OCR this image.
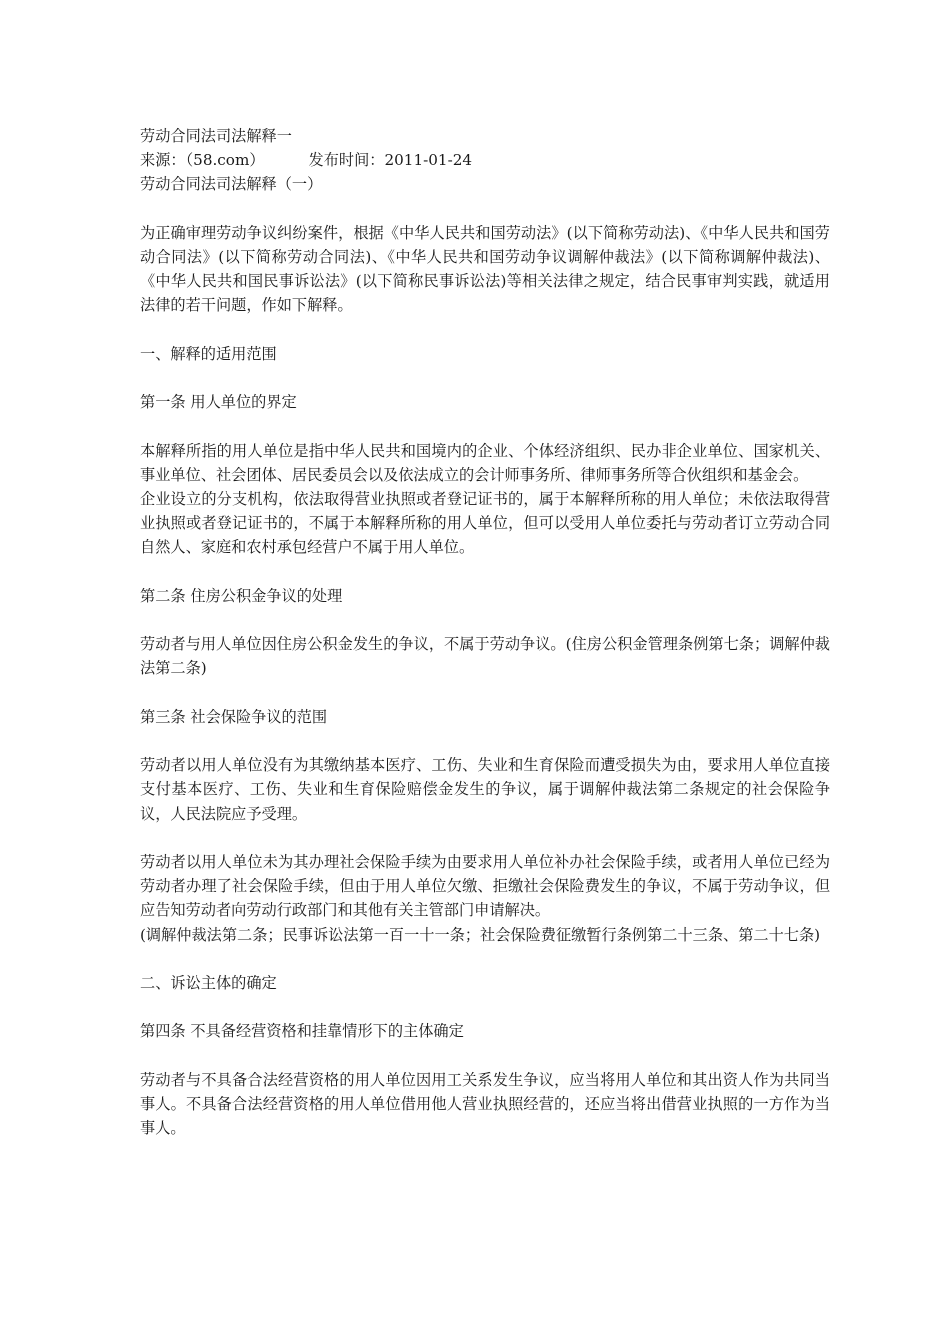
劳动合同法司法解释一
来源：（58.com）	发布时间：2011-01-24
劳动合同法司法解释（一）

为正确审理劳动争议纠纷案件，根据《中华人民共和国劳动法》(以下简称劳动法)、《中华人民共和国劳动合同法》(以下简称劳动合同法)、《中华人民共和国劳动争议调解仲裁法》(以下简称调解仲裁法)、《中华人民共和国民事诉讼法》(以下简称民事诉讼法)等相关法律之规定，结合民事审判实践，就适用法律的若干问题，作如下解释。

一、解释的适用范围
第一条 用人单位的界定

本解释所指的用人单位是指中华人民共和国境内的企业、个体经济组织、民办非企业单位、国家机关、事业单位、社会团体、居民委员会以及依法成立的会计师事务所、律师事务所等合伙组织和基金会。

企业设立的分支机构，依法取得营业执照或者登记证书的，属于本解释所称的用人单位；未依法取得营业执照或者登记证书的，不属于本解释所称的用人单位，但可以受用人单位委托与劳动者订立劳动合同自然人、家庭和农村承包经营户不属于用人单位。

第二条 住房公积金争议的处理

劳动者与用人单位因住房公积金发生的争议，不属于劳动争议。(住房公积金管理条例第七条；调解仲裁法第二条)

第三条 社会保险争议的范围

劳动者以用人单位没有为其缴纳基本医疗、工伤、失业和生育保险而遭受损失为由，要求用人单位直接支付基本医疗、工伤、失业和生育保险赔偿金发生的争议，属于调解仲裁法第二条规定的社会保险争议，人民法院应予受理。

劳动者以用人单位未为其办理社会保险手续为由要求用人单位补办社会保险手续，或者用人单位已经为劳动者办理了社会保险手续，但由于用人单位欠缴、拒缴社会保险费发生的争议，不属于劳动争议，但应告知劳动者向劳动行政部门和其他有关主管部门申请解决。

(调解仲裁法第二条；民事诉讼法第一百一十一条；社会保险费征缴暂行条例第二十三条、第二十七条)

二、诉讼主体的确定
第四条 不具备经营资格和挂靠情形下的主体确定

劳动者与不具备合法经营资格的用人单位因用工关系发生争议，应当将用人单位和其出资人作为共同当事人。不具备合法经营资格的用人单位借用他人营业执照经营的，还应当将出借营业执照的一方作为当事人。
